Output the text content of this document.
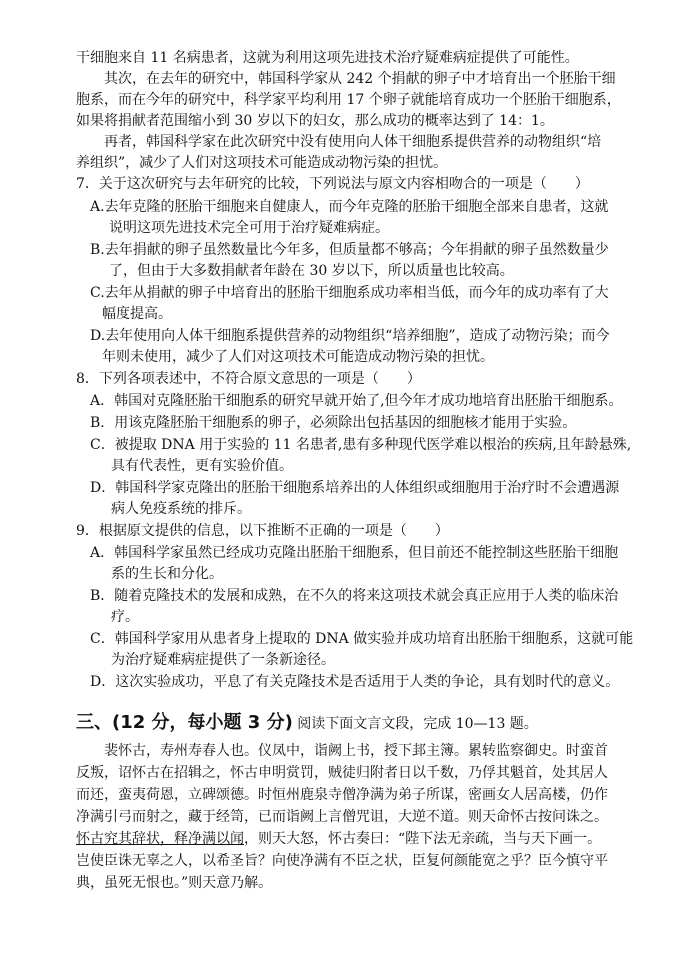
干细胞来自 11 名病患者，这就为利用这项先进技术治疗疑难病症提供了可能性。
其次，在去年的研究中，韩国科学家从 242 个捐献的卵子中才培育出一个胚胎干细
胞系，而在今年的研究中，科学家平均利用 17 个卵子就能培育成功一个胚胎干细胞系，
如果将捐献者范围缩小到 30 岁以下的妇女，那么成功的概率达到了 14：1。
再者，韩国科学家在此次研究中没有使用向人体干细胞系提供营养的动物组织“培
养组织”，减少了人们对这项技术可能造成动物污染的担忧。
7．关于这次研究与去年研究的比较，下列说法与原文内容相吻合的一项是（　　）
A.去年克隆的胚胎干细胞来自健康人，而今年克隆的胚胎干细胞全部来自患者，这就
说明这项先进技术完全可用于治疗疑难病症。
B.去年捐献的卵子虽然数量比今年多，但质量都不够高；今年捐献的卵子虽然数量少
了，但由于大多数捐献者年龄在 30 岁以下，所以质量也比较高。
C.去年从捐献的卵子中培育出的胚胎干细胞系成功率相当低，而今年的成功率有了大
幅度提高。
D.去年使用向人体干细胞系提供营养的动物组织“培养细胞”，造成了动物污染；而今
年则未使用，减少了人们对这项技术可能造成动物污染的担忧。
8．下列各项表述中，不符合原文意思的一项是（　　）
A．韩国对克隆胚胎干细胞系的研究早就开始了,但今年才成功地培育出胚胎干细胞系。
B．用该克隆胚胎干细胞系的卵子，必须除出包括基因的细胞核才能用于实验。
C．被提取 DNA 用于实验的 11 名患者,患有多种现代医学难以根治的疾病,且年龄悬殊,
具有代表性，更有实验价值。
D．韩国科学家克隆出的胚胎干细胞系培养出的人体组织或细胞用于治疗时不会遭遇源
病人免疫系统的排斥。
9．根据原文提供的信息，以下推断不正确的一项是（　　）
A．韩国科学家虽然已经成功克隆出胚胎干细胞系，但目前还不能控制这些胚胎干细胞
系的生长和分化。
B．随着克隆技术的发展和成熟，在不久的将来这项技术就会真正应用于人类的临床治
疗。
C．韩国科学家用从患者身上提取的 DNA 做实验并成功培育出胚胎干细胞系，这就可能
为治疗疑难病症提供了一条新途径。
D．这次实验成功，平息了有关克隆技术是否适用于人类的争论，具有划时代的意义。
三、(12 分，每小题 3 分) 阅读下面文言文段，完成 10—13 题。
裴怀古，寿州寿春人也。仪凤中，诣阙上书，授下邽主簿。累转监察御史。时蛮首
反叛，诏怀古在招辑之，怀古申明赏罚，贼徒归附者日以千数，乃俘其魁首，处其居人
而还，蛮夷荷恩，立碑颂德。时恒州鹿泉寺僧净满为弟子所谋，密画女人居高楼，仍作
净满引弓而射之，藏于经笥，已而诣阙上言僧咒诅，大逆不道。则天命怀古按问诛之。
怀古究其辞状，释净满以闻，则天大怒，怀古奏曰：“陛下法无亲疏，当与天下画一。
岂使臣诛无辜之人，以希圣旨？向使净满有不臣之状，臣复何颜能宽之乎？臣今慎守平
典，虽死无恨也。”则天意乃解。
